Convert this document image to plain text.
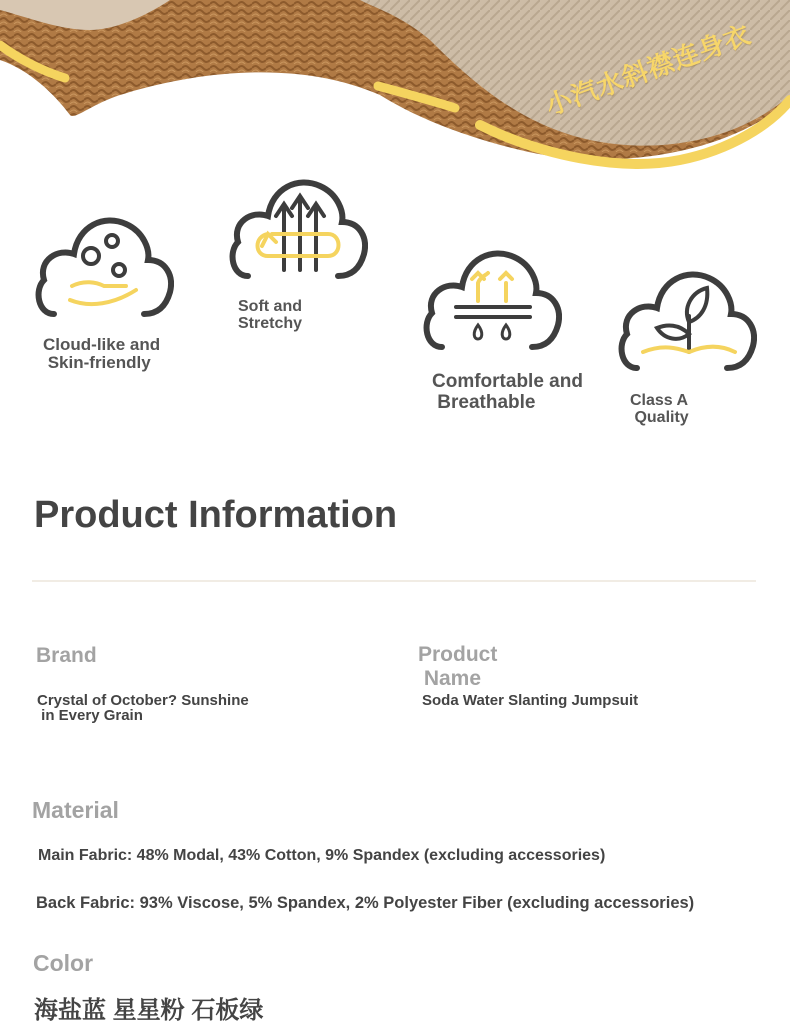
小汽水斜襟连身衣
Cloud-like and
Skin-friendly
Soft and
Stretchy
Comfortable and
Breathable	Class A
Quality
Product Information
Brand
Crystal of October? Sunshine
in Every Grain
Product
Name
Soda Water Slanting Jumpsuit
Material
Main Fabric: 48% Modal, 43% Cotton, 9% Spandex (excluding accessories)
Back Fabric: 93% Viscose, 5% Spandex, 2% Polyester Fiber (excluding accessories)
Color
海盐蓝 星星粉 石板绿
